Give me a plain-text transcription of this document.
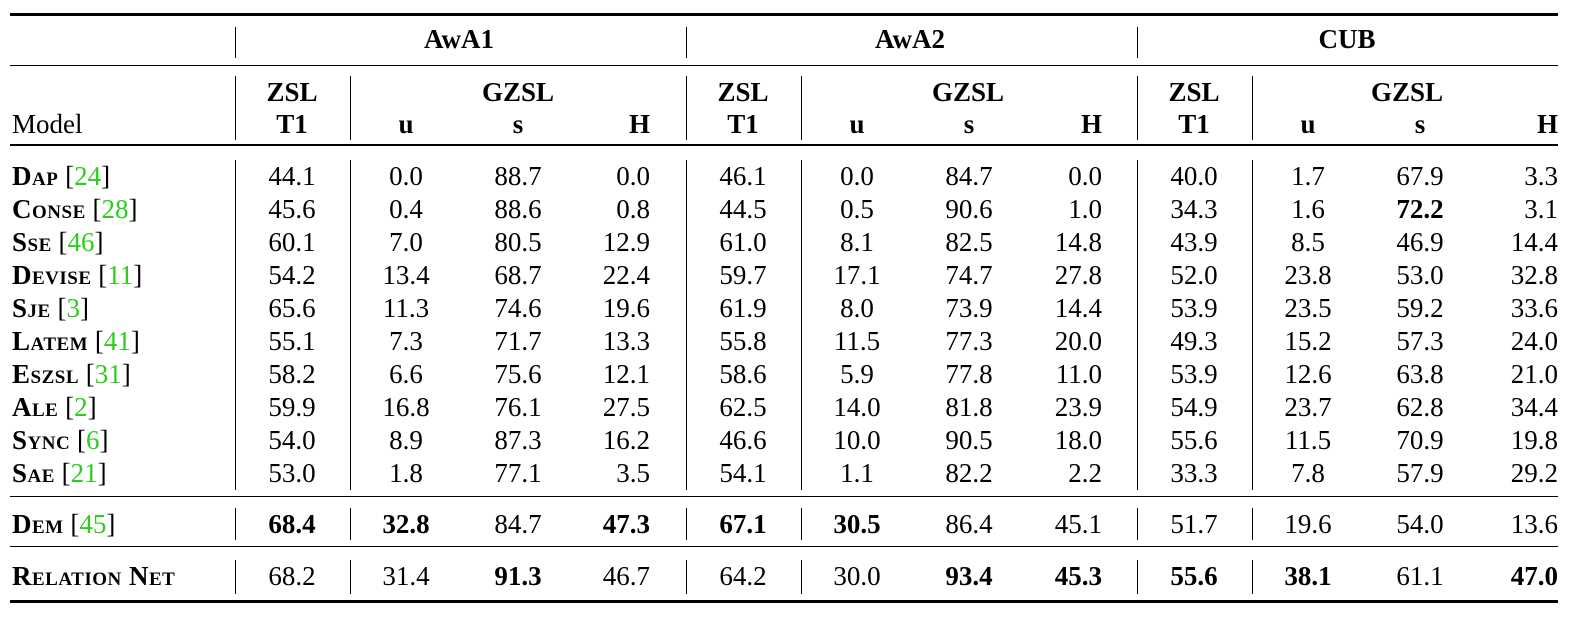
AwA1	AwA2	CUB
Model
ZSL
T1
GZSL
u	s	H
ZSL
T1
GZSL
u	s	H
ZSL
T1
GZSL
u	s	H
Dap [24]	44.1	0.0	88.7	0.0	46.1	0.0	84.7	0.0	40.0	1.7	67.9	3.3
Conse [28]	45.6	0.4	88.6	0.8	44.5	0.5	90.6	1.0	34.3	1.6	72.2	3.1
Sse [46]	60.1	7.0	80.5 12.9	61.0	8.1	82.5 14.8	43.9	8.5	46.9 14.4
Devise [11]	54.2 13.4 68.7 22.4	59.7 17.1 74.7 27.8	52.0 23.8 53.0 32.8
Sje [3]	65.6 11.3 74.6 19.6	61.9	8.0	73.9 14.4	53.9 23.5 59.2 33.6
Latem [41]	55.1	7.3	71.7 13.3	55.8 11.5 77.3 20.0	49.3 15.2 57.3 24.0
Eszsl [31]	58.2	6.6	75.6 12.1	58.6	5.9	77.8 11.0	53.9 12.6 63.8 21.0
Ale [2]	59.9 16.8 76.1 27.5	62.5 14.0 81.8 23.9	54.9 23.7 62.8 34.4
Sync [6]	54.0	8.9	87.3 16.2	46.6 10.0 90.5 18.0	55.6 11.5 70.9 19.8
Sae [21]	53.0	1.8	77.1	3.5	54.1	1.1	82.2	2.2	33.3	7.8	57.9 29.2
Dem [45]	68.4 32.8 84.7 47.3	67.1 30.5 86.4 45.1	51.7 19.6 54.0 13.6
Relation Net	68.2 31.4 91.3 46.7	64.2 30.0 93.4 45.3	55.6 38.1 61.1 47.0
